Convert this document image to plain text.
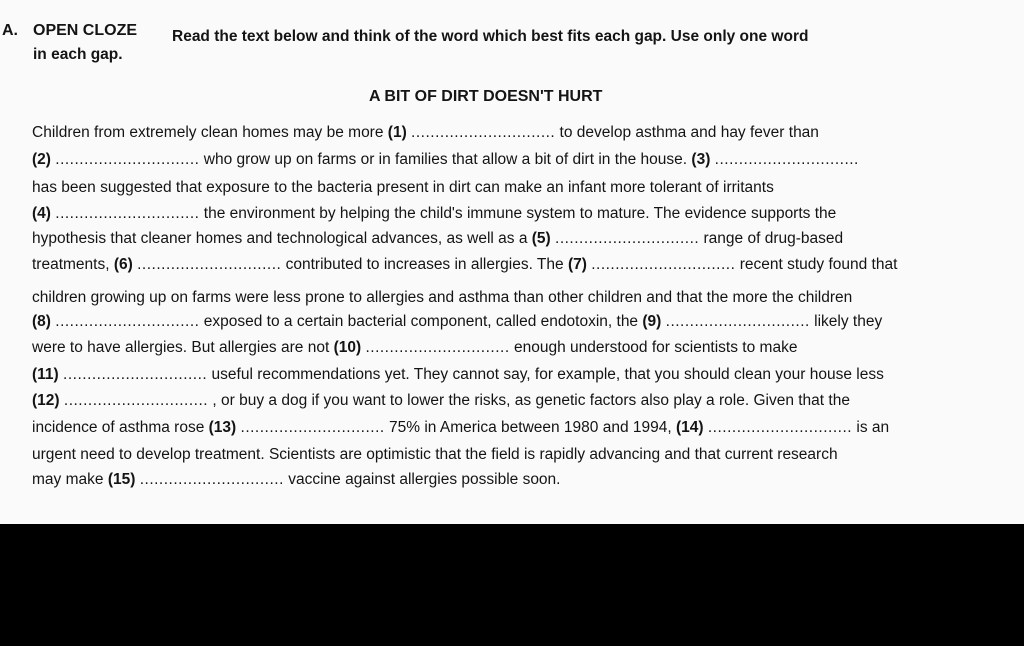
A. OPEN CLOZE Read the text below and think of the word which best fits each gap. Use only one word
in each gap.
A BIT OF DIRT DOESN'T HURT
Children from extremely clean homes may be more (1) .............................. to develop asthma and hay fever than
(2) .............................. who grow up on farms or in families that allow a bit of dirt in the house. (3) ..............................
has been suggested that exposure to the bacteria present in dirt can make an infant more tolerant of irritants
(4) .............................. the environment by helping the child's immune system to mature. The evidence supports the
hypothesis that cleaner homes and technological advances, as well as a (5) .............................. range of drug-based
treatments, (6) .............................. contributed to increases in allergies. The (7) .............................. recent study found that
children growing up on farms were less prone to allergies and asthma than other children and that the more the children
(8) .............................. exposed to a certain bacterial component, called endotoxin, the (9) .............................. likely they
were to have allergies. But allergies are not (10) .............................. enough understood for scientists to make
(11) .............................. useful recommendations yet. They cannot say, for example, that you should clean your house less
(12) .............................. , or buy a dog if you want to lower the risks, as genetic factors also play a role. Given that the
incidence of asthma rose (13) .............................. 75% in America between 1980 and 1994, (14) .............................. is an
urgent need to develop treatment. Scientists are optimistic that the field is rapidly advancing and that current research
may make (15) .............................. vaccine against allergies possible soon.
